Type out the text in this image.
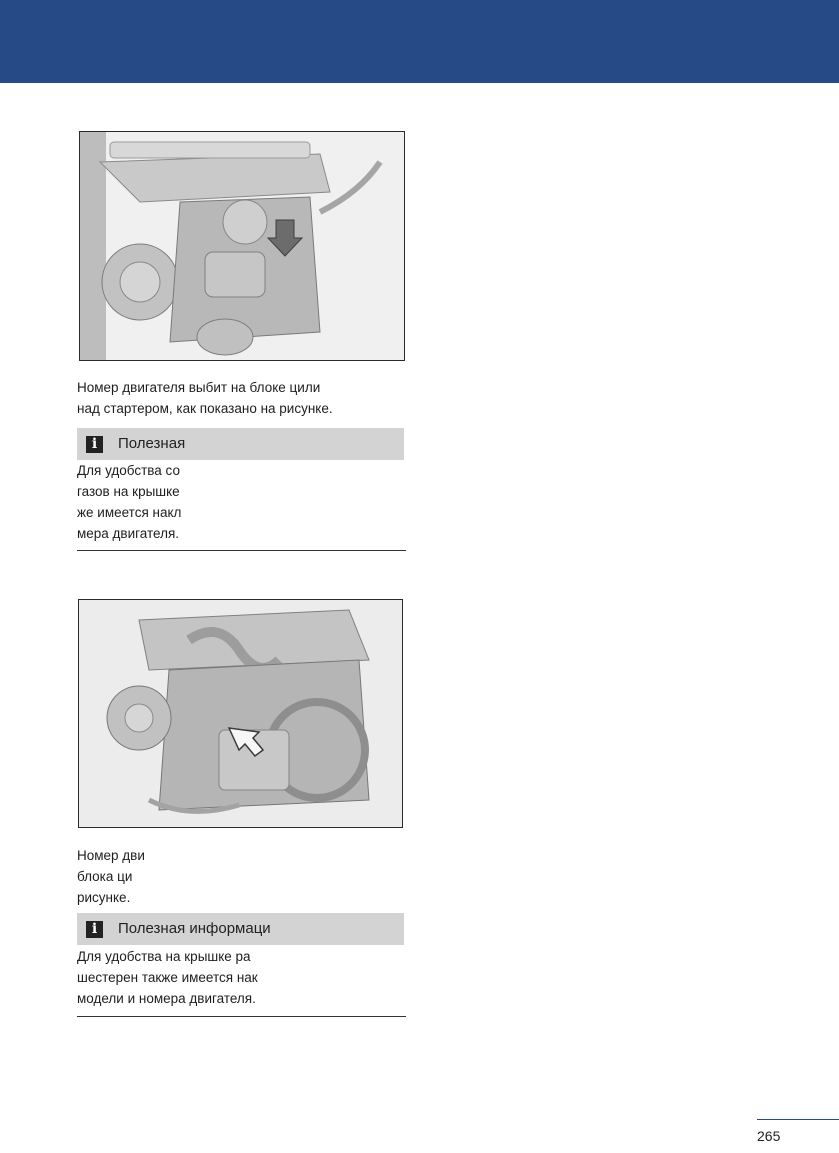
Номер двигателя выбит на блоке цили
над стартером, как показано на рисунке.

i	Полезная

Для удобства со
газов на крышке
же имеется накл
мера двигателя.

Номер дви
блока ци
рисунке.

i	Полезная информаци

Для удобства на крышке ра
шестерен также имеется нак
модели и номера двигателя.

265
